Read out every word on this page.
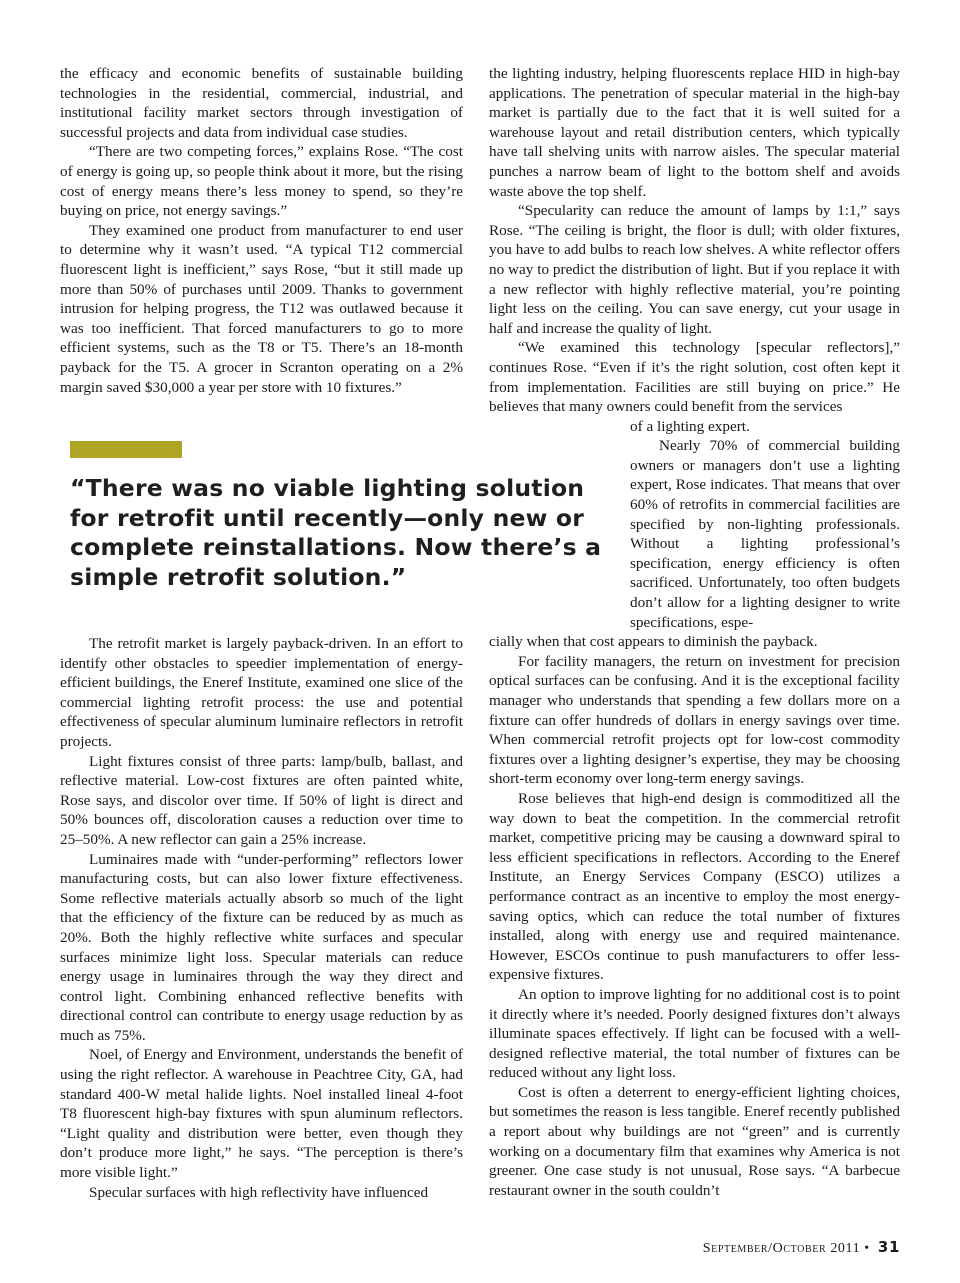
the efficacy and economic benefits of sustainable building technologies in the residential, commercial, industrial, and institutional facility market sectors through investigation of successful projects and data from individual case studies.

“There are two competing forces,” explains Rose. “The cost of energy is going up, so people think about it more, but the rising cost of energy means there’s less money to spend, so they’re buying on price, not energy savings.”

They examined one product from manufacturer to end user to determine why it wasn’t used. “A typical T12 commercial fluorescent light is inefficient,” says Rose, “but it still made up more than 50% of purchases until 2009. Thanks to government intrusion for helping progress, the T12 was outlawed because it was too inefficient. That forced manufacturers to go to more efficient systems, such as the T8 or T5. There’s an 18-month payback for the T5. A grocer in Scranton operating on a 2% margin saved $30,000 a year per store with 10 fixtures.”

“There was no viable lighting solution for retrofit until recently—only new or complete reinstallations. Now there’s a simple retrofit solution.”

The retrofit market is largely payback-driven. In an effort to identify other obstacles to speedier implementation of energy-efficient buildings, the Eneref Institute, examined one slice of the commercial lighting retrofit process: the use and potential effectiveness of specular aluminum luminaire reflectors in retrofit projects.

Light fixtures consist of three parts: lamp/bulb, ballast, and reflective material. Low-cost fixtures are often painted white, Rose says, and discolor over time. If 50% of light is direct and 50% bounces off, discoloration causes a reduction over time to 25–50%. A new reflector can gain a 25% increase.

Luminaires made with “under-performing” reflectors lower manufacturing costs, but can also lower fixture effectiveness. Some reflective materials actually absorb so much of the light that the efficiency of the fixture can be reduced by as much as 20%. Both the highly reflective white surfaces and specular surfaces minimize light loss. Specular materials can reduce energy usage in luminaires through the way they direct and control light. Combining enhanced reflective benefits with directional control can contribute to energy usage reduction by as much as 75%.

Noel, of Energy and Environment, understands the benefit of using the right reflector. A warehouse in Peachtree City, GA, had standard 400-W metal halide lights. Noel installed lineal 4-foot T8 fluorescent high-bay fixtures with spun aluminum reflectors. “Light quality and distribution were better, even though they don’t produce more light,” he says. “The perception is there’s more visible light.”

Specular surfaces with high reflectivity have influenced

the lighting industry, helping fluorescents replace HID in high-bay applications. The penetration of specular material in the high-bay market is partially due to the fact that it is well suited for a warehouse layout and retail distribution centers, which typically have tall shelving units with narrow aisles. The specular material punches a narrow beam of light to the bottom shelf and avoids waste above the top shelf.

“Specularity can reduce the amount of lamps by 1:1,” says Rose. “The ceiling is bright, the floor is dull; with older fixtures, you have to add bulbs to reach low shelves. A white reflector offers no way to predict the distribution of light. But if you replace it with a new reflector with highly reflective material, you’re pointing light less on the ceiling. You can save energy, cut your usage in half and increase the quality of light.

“We examined this technology [specular reflectors],” continues Rose. “Even if it’s the right solution, cost often kept it from implementation. Facilities are still buying on price.” He believes that many owners could benefit from the services

of a lighting expert.

Nearly 70% of commercial building owners or managers don’t use a lighting expert, Rose indicates. That means that over 60% of retrofits in commercial facilities are specified by non-lighting professionals. Without a lighting professional’s specification, energy efficiency is often sacrificed. Unfortunately, too often budgets don’t allow for a lighting designer to write specifications, espe-

cially when that cost appears to diminish the payback.

For facility managers, the return on investment for precision optical surfaces can be confusing. And it is the exceptional facility manager who understands that spending a few dollars more on a fixture can offer hundreds of dollars in energy savings over time. When commercial retrofit projects opt for low-cost commodity fixtures over a lighting designer’s expertise, they may be choosing short-term economy over long-term energy savings.

Rose believes that high-end design is commoditized all the way down to beat the competition. In the commercial retrofit market, competitive pricing may be causing a downward spiral to less efficient specifications in reflectors. According to the Eneref Institute, an Energy Services Company (ESCO) utilizes a performance contract as an incentive to employ the most energy-saving optics, which can reduce the total number of fixtures installed, along with energy use and required maintenance. However, ESCOs continue to push manufacturers to offer less-expensive fixtures.

An option to improve lighting for no additional cost is to point it directly where it’s needed. Poorly designed fixtures don’t always illuminate spaces effectively. If light can be focused with a well-designed reflective material, the total number of fixtures can be reduced without any light loss.

Cost is often a deterrent to energy-efficient lighting choices, but sometimes the reason is less tangible. Eneref recently published a report about why buildings are not “green” and is currently working on a documentary film that examines why America is not greener. One case study is not unusual, Rose says. “A barbecue restaurant owner in the south couldn’t

September/October 2011 • 31
